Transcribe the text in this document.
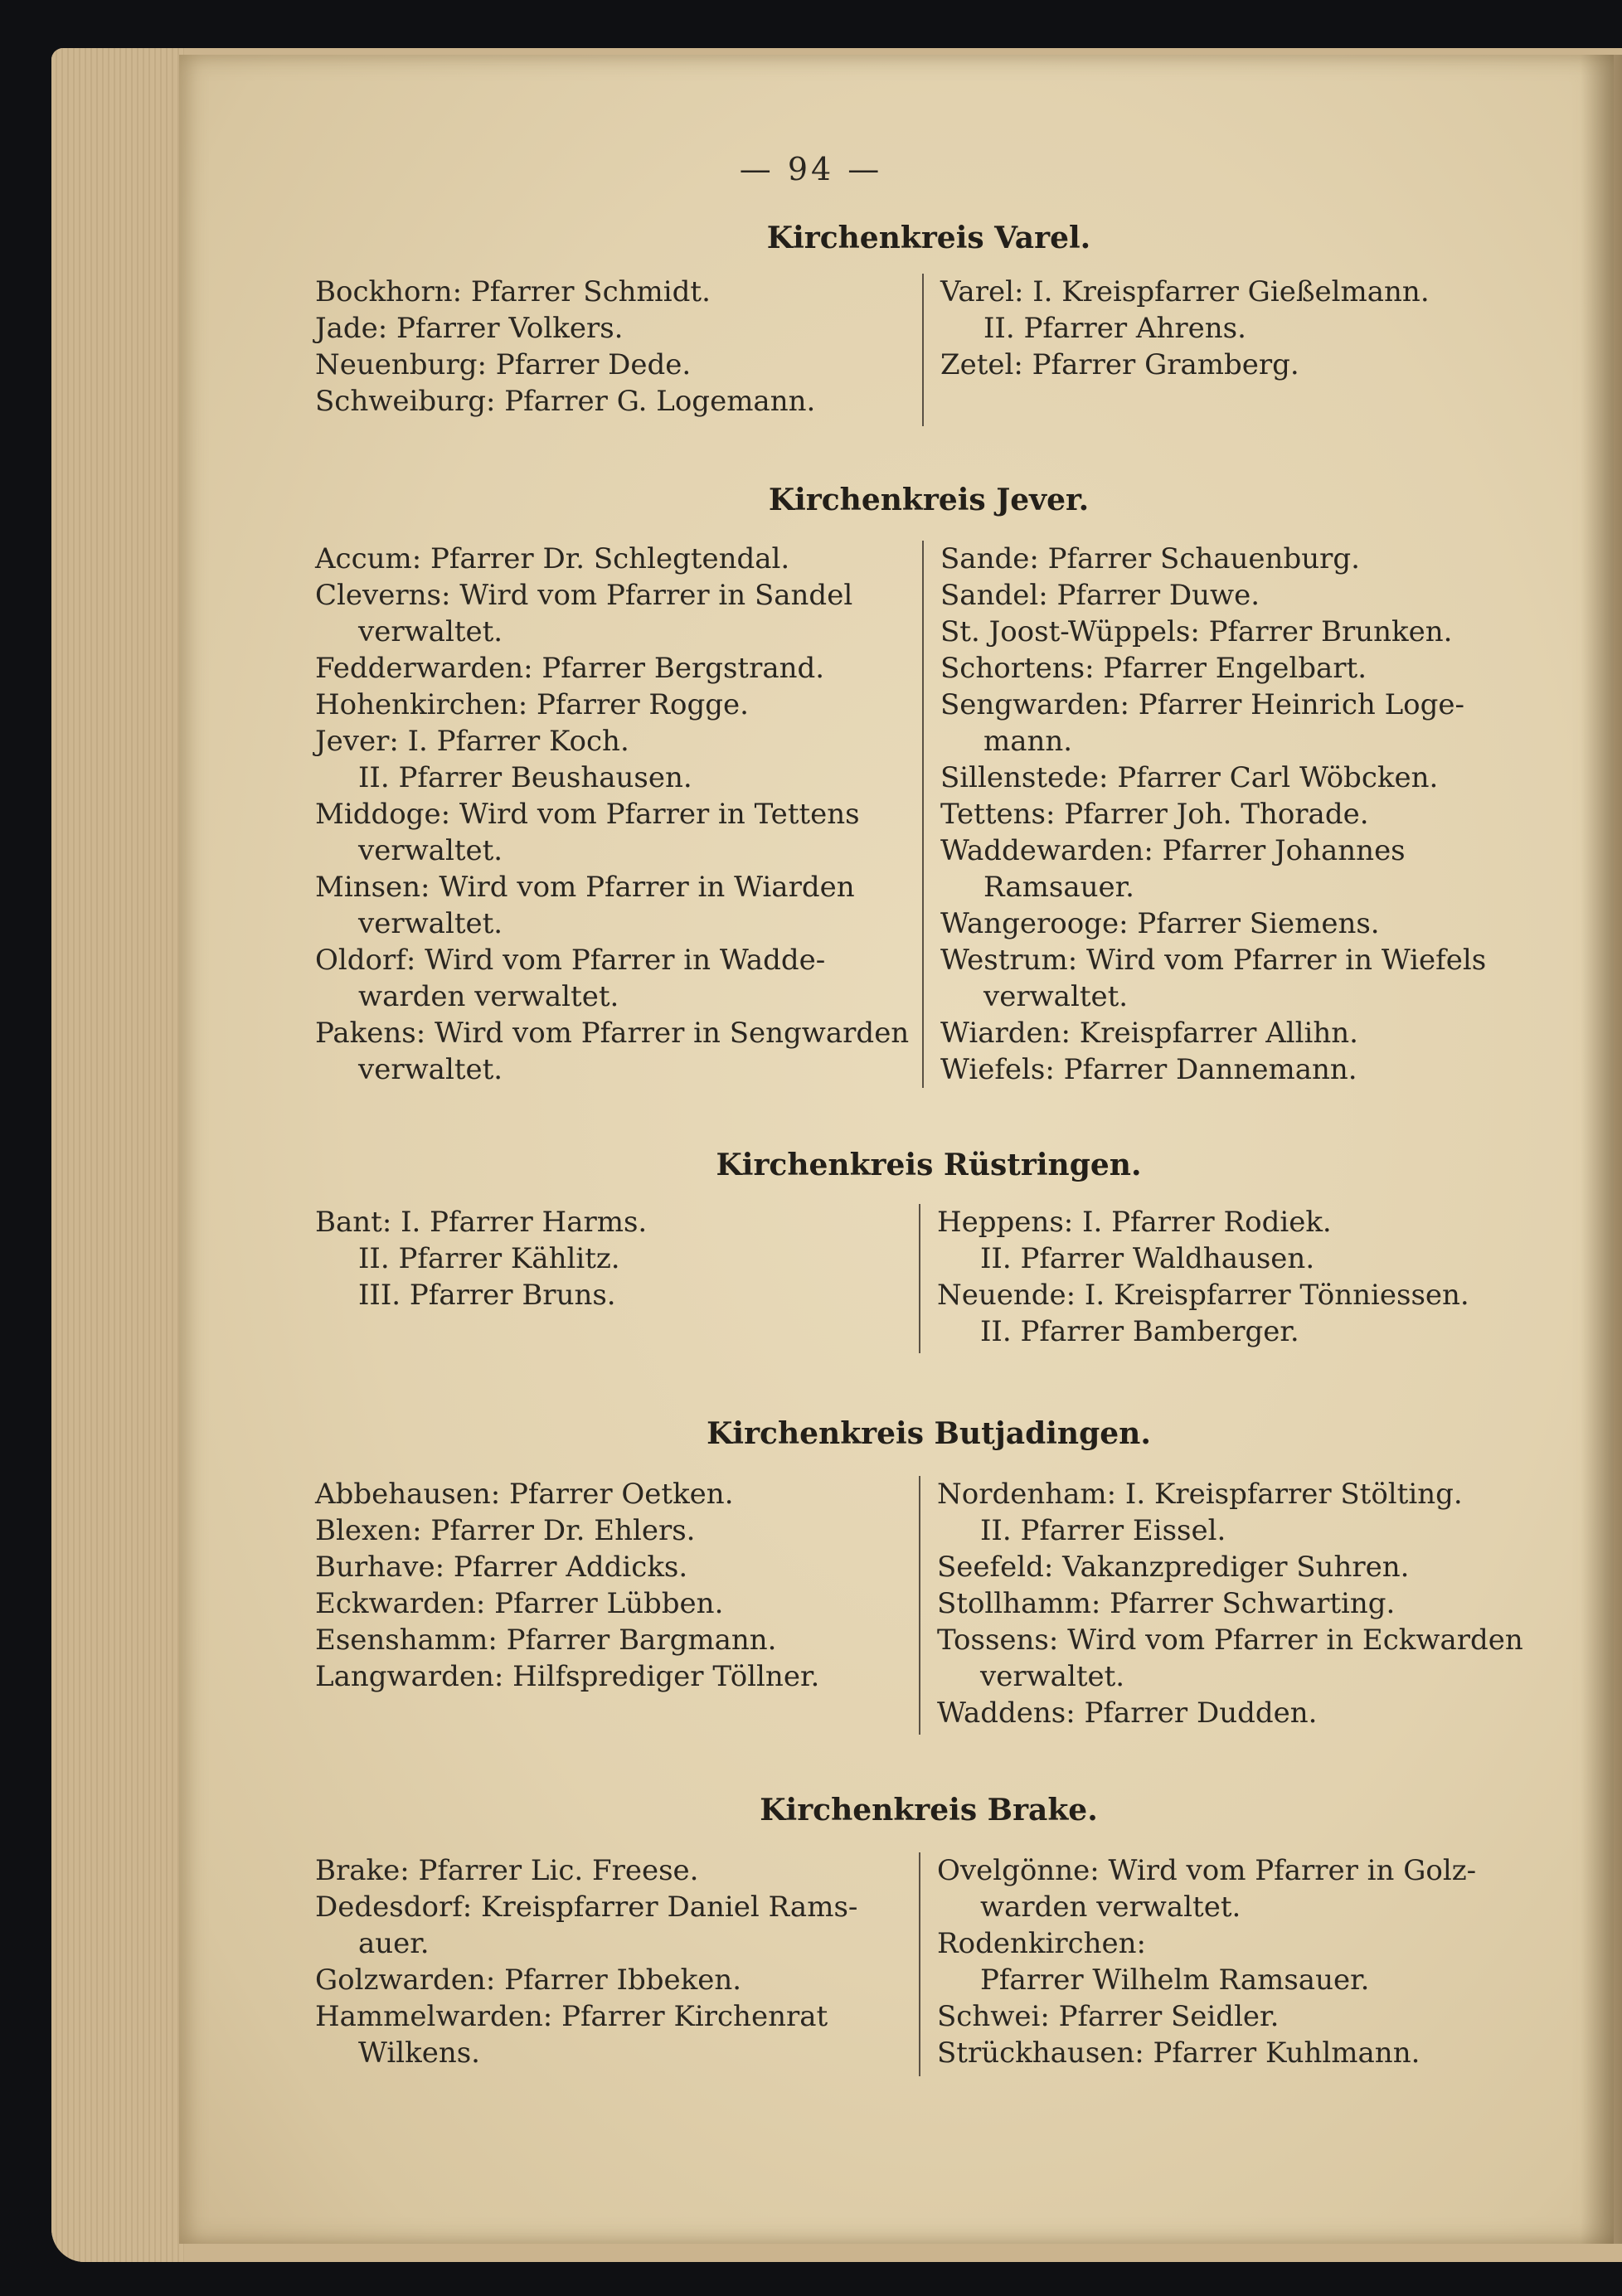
— 94 —
Kirchenkreis Varel.
Bockhorn: Pfarrer Schmidt.
Jade: Pfarrer Volkers.
Neuenburg: Pfarrer Dede.
Schweiburg: Pfarrer G. Logemann.
Varel: I. Kreispfarrer Gießelmann.
II. Pfarrer Ahrens.
Zetel: Pfarrer Gramberg.
Kirchenkreis Jever.
Accum: Pfarrer Dr. Schlegtendal.
Cleverns: Wird vom Pfarrer in Sandel
verwaltet.
Fedderwarden: Pfarrer Bergstrand.
Hohenkirchen: Pfarrer Rogge.
Jever: I. Pfarrer Koch.
II. Pfarrer Beushausen.
Middoge: Wird vom Pfarrer in Tettens
verwaltet.
Minsen: Wird vom Pfarrer in Wiarden
verwaltet.
Oldorf: Wird vom Pfarrer in Wadde-
warden verwaltet.
Pakens: Wird vom Pfarrer in Sengwarden
verwaltet.
Sande: Pfarrer Schauenburg.
Sandel: Pfarrer Duwe.
St. Joost-Wüppels: Pfarrer Brunken.
Schortens: Pfarrer Engelbart.
Sengwarden: Pfarrer Heinrich Loge-
mann.
Sillenstede: Pfarrer Carl Wöbcken.
Tettens: Pfarrer Joh. Thorade.
Waddewarden: Pfarrer Johannes
Ramsauer.
Wangerooge: Pfarrer Siemens.
Westrum: Wird vom Pfarrer in Wiefels
verwaltet.
Wiarden: Kreispfarrer Allihn.
Wiefels: Pfarrer Dannemann.
Kirchenkreis Rüstringen.
Bant: I. Pfarrer Harms.
II. Pfarrer Kählitz.
III. Pfarrer Bruns.
Heppens: I. Pfarrer Rodiek.
II. Pfarrer Waldhausen.
Neuende: I. Kreispfarrer Tönniessen.
II. Pfarrer Bamberger.
Kirchenkreis Butjadingen.
Abbehausen: Pfarrer Oetken.
Blexen: Pfarrer Dr. Ehlers.
Burhave: Pfarrer Addicks.
Eckwarden: Pfarrer Lübben.
Esenshamm: Pfarrer Bargmann.
Langwarden: Hilfsprediger Töllner.
Nordenham: I. Kreispfarrer Stölting.
II. Pfarrer Eissel.
Seefeld: Vakanzprediger Suhren.
Stollhamm: Pfarrer Schwarting.
Tossens: Wird vom Pfarrer in Eckwarden
verwaltet.
Waddens: Pfarrer Dudden.
Kirchenkreis Brake.
Brake: Pfarrer Lic. Freese.
Dedesdorf: Kreispfarrer Daniel Rams-
auer.
Golzwarden: Pfarrer Ibbeken.
Hammelwarden: Pfarrer Kirchenrat
Wilkens.
Ovelgönne: Wird vom Pfarrer in Golz-
warden verwaltet.
Rodenkirchen:
Pfarrer Wilhelm Ramsauer.
Schwei: Pfarrer Seidler.
Strückhausen: Pfarrer Kuhlmann.
